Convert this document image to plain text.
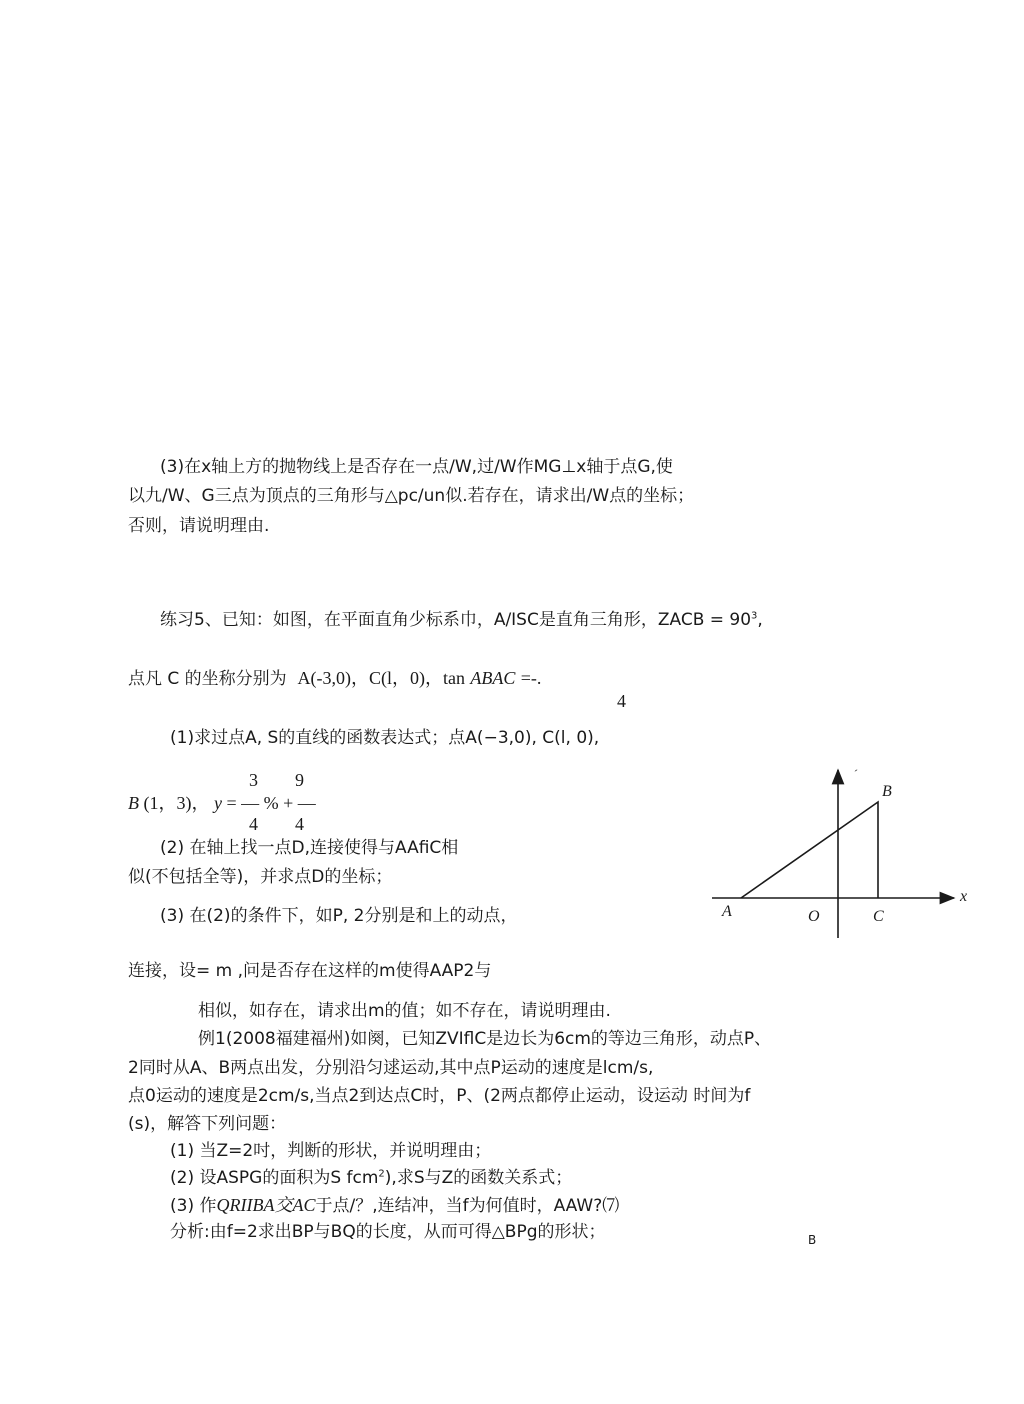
(3)在x轴上方的抛物线上是否存在一点/W,过/W作MG⊥x轴于点G,使
以九/W、G三点为顶点的三角形与△pc/un似.若存在，请求出/W点的坐标；
否则，请说明理由.
练习5、已知：如图，在平面直角少标系巾，A/ISC是直角三角形，ZACB = $90^3$,
点凡 C 的坐称分别为 A(-3,0)，C(l，0)，tan ABAC =-.
4
(1)求过点A, S的直线的函数表达式；点A(−3,0), C(l, 0),
3 9
B (1，3)， y = — % + —
4 4
(2) 在轴上找一点D,连接使得与AAfiC相
似(不包括全等)，并求点D的坐标；
(3) 在(2)的条件下，如P, 2分别是和上的动点，
连接，设= m ,问是否存在这样的m使得AAP2与
相似，如存在，请求出m的值；如不存在，请说明理由.
A	O	C
B
x
ˊ
例1(2008福建福州)如阕，已知ZVIflC是边长为6cm的等边三角形，动点P、
2同时从A、B两点出发，分别沿匀逑运动,其中点P运动的速度是lcm/s,
点0运动的速度是2cm/s,当点2到达点C时，P、(2两点都停止运动，设运动 时间为f
(s)，解答下列问题：
(1) 当Z=2吋，判断的形状，并说明理由；
(2) 设ASPG的面积为S fcm$^2$),求S与Z的函数关系式；
(3) 作QRIIBA交AC于点/？,连结冲，当f为何值时，AAW?⑺
分析:由f=2求出BP与BQ的长度，从而可得△BPg的形状；	B
